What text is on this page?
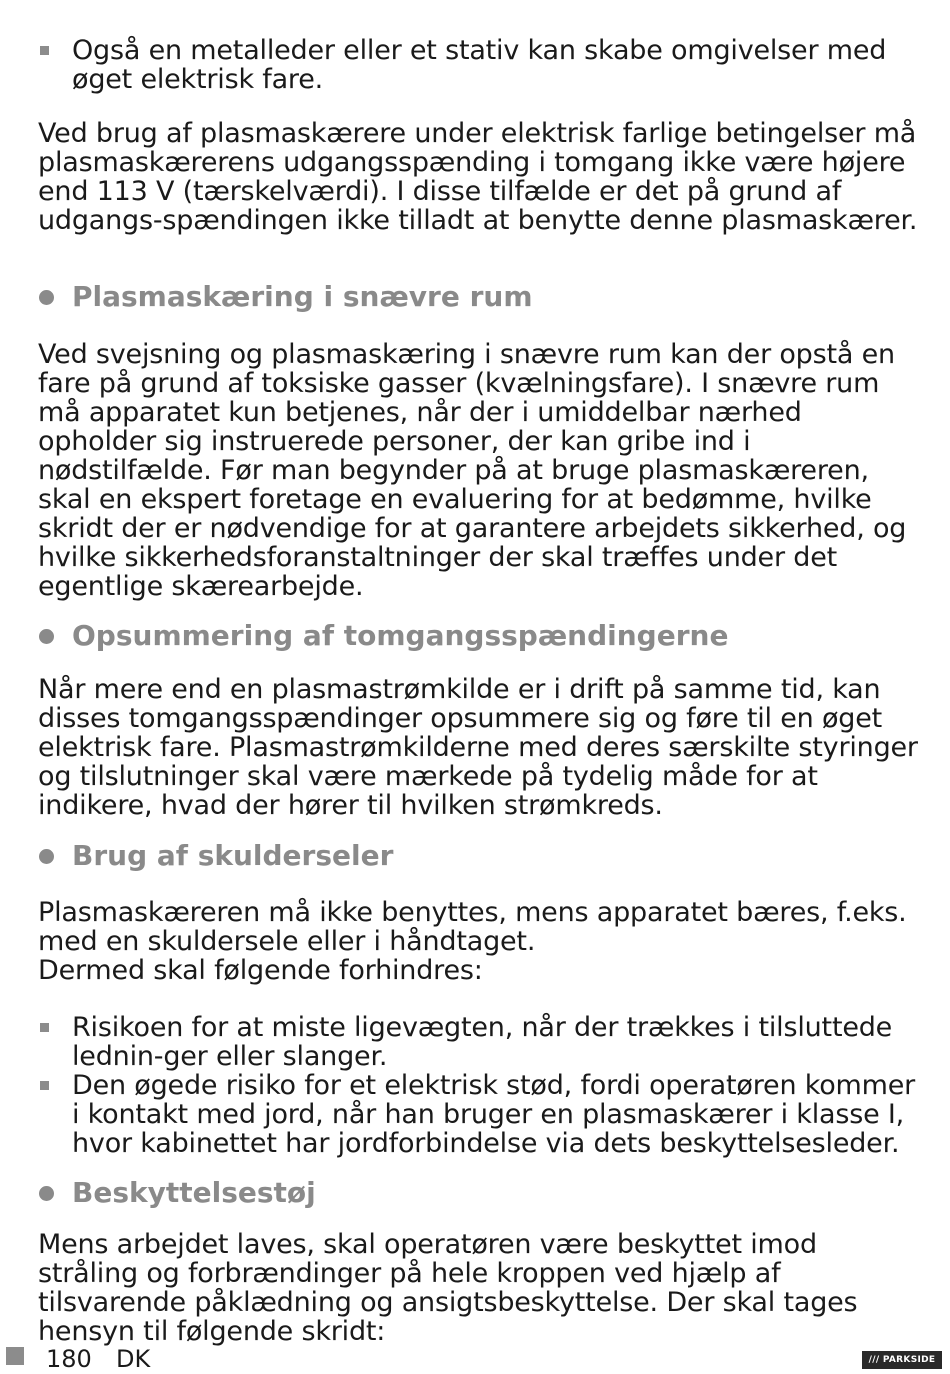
Også en metalleder eller et stativ kan skabe omgivelser med øget elektrisk fare.

Ved brug af plasmaskærere under elektrisk farlige betingelser må plasmaskærerens udgangsspænding i tomgang ikke være højere end 113 V (tærskelværdi). I disse tilfælde er det på grund af udgangs-spændingen ikke tilladt at benytte denne plasmaskærer.

Plasmaskæring i snævre rum

Ved svejsning og plasmaskæring i snævre rum kan der opstå en fare på grund af toksiske gasser (kvælningsfare). I snævre rum må apparatet kun betjenes, når der i umiddelbar nærhed opholder sig instruerede personer, der kan gribe ind i nødstilfælde. Før man begynder på at bruge plasmaskæreren, skal en ekspert foretage en evaluering for at bedømme, hvilke skridt der er nødvendige for at garantere arbejdets sikkerhed, og hvilke sikkerhedsforanstaltninger der skal træffes under det egentlige skærearbejde.

Opsummering af tomgangsspændingerne

Når mere end en plasmastrømkilde er i drift på samme tid, kan disses tomgangsspændinger opsummere sig og føre til en øget elektrisk fare. Plasmastrømkilderne med deres særskilte styringer og tilslutninger skal være mærkede på tydelig måde for at indikere, hvad der hører til hvilken strømkreds.

Brug af skulderseler

Plasmaskæreren må ikke benyttes, mens apparatet bæres, f.eks. med en skuldersele eller i håndtaget.

Dermed skal følgende forhindres:

Risikoen for at miste ligevægten, når der trækkes i tilsluttede lednin-ger eller slanger.
Den øgede risiko for et elektrisk stød, fordi operatøren kommer i kontakt med jord, når han bruger en plasmaskærer i klasse I, hvor kabinettet har jordforbindelse via dets beskyttelsesleder.
Beskyttelsestøj

Mens arbejdet laves, skal operatøren være beskyttet imod stråling og forbrændinger på hele kroppen ved hjælp af tilsvarende påklædning og ansigtsbeskyttelse. Der skal tages hensyn til følgende skridt:

180 DK	/// PARKSIDE
